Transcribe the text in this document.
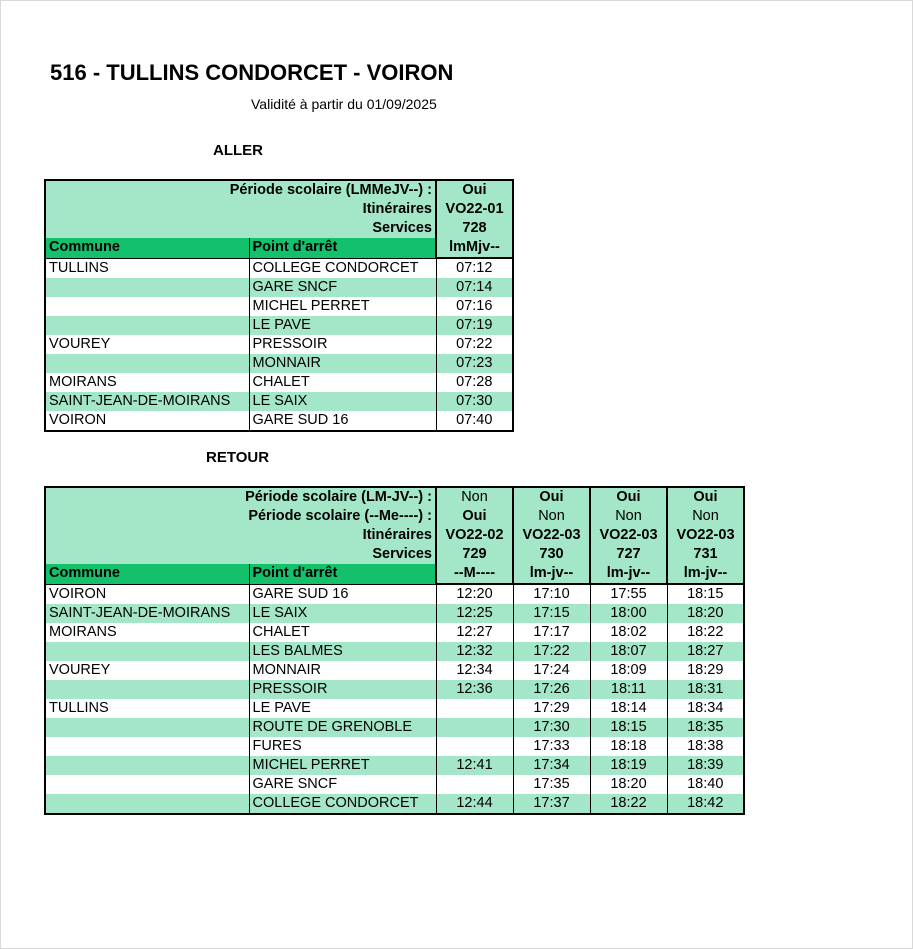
516 - TULLINS CONDORCET - VOIRON
Validité à partir du 01/09/2025
ALLER
Période scolaire (LMMeJV--) :		Oui
Itinéraires		VO22-01
Services		728
Commune	Point d'arrêt	lmMjv--
TULLINS	COLLEGE CONDORCET	07:12
	GARE SNCF	07:14
	MICHEL PERRET	07:16
	LE PAVE	07:19
VOUREY	PRESSOIR	07:22
	MONNAIR	07:23
MOIRANS	CHALET	07:28
SAINT-JEAN-DE-MOIRANS	LE SAIX	07:30
VOIRON	GARE SUD 16	07:40
RETOUR
Période scolaire (LM-JV--) :		Non	Oui	Oui	Oui
Période scolaire (--Me----) :		Oui	Non	Non	Non
Itinéraires		VO22-02	VO22-03	VO22-03	VO22-03
Services		729	730	727	731
Commune	Point d'arrêt	--M----	lm-jv--	lm-jv--	lm-jv--
VOIRON	GARE SUD 16	12:20	17:10	17:55	18:15
SAINT-JEAN-DE-MOIRANS	LE SAIX	12:25	17:15	18:00	18:20
MOIRANS	CHALET	12:27	17:17	18:02	18:22
	LES BALMES	12:32	17:22	18:07	18:27
VOUREY	MONNAIR	12:34	17:24	18:09	18:29
	PRESSOIR	12:36	17:26	18:11	18:31
TULLINS	LE PAVE		17:29	18:14	18:34
	ROUTE DE GRENOBLE		17:30	18:15	18:35
	FURES		17:33	18:18	18:38
	MICHEL PERRET	12:41	17:34	18:19	18:39
	GARE SNCF		17:35	18:20	18:40
	COLLEGE CONDORCET	12:44	17:37	18:22	18:42
